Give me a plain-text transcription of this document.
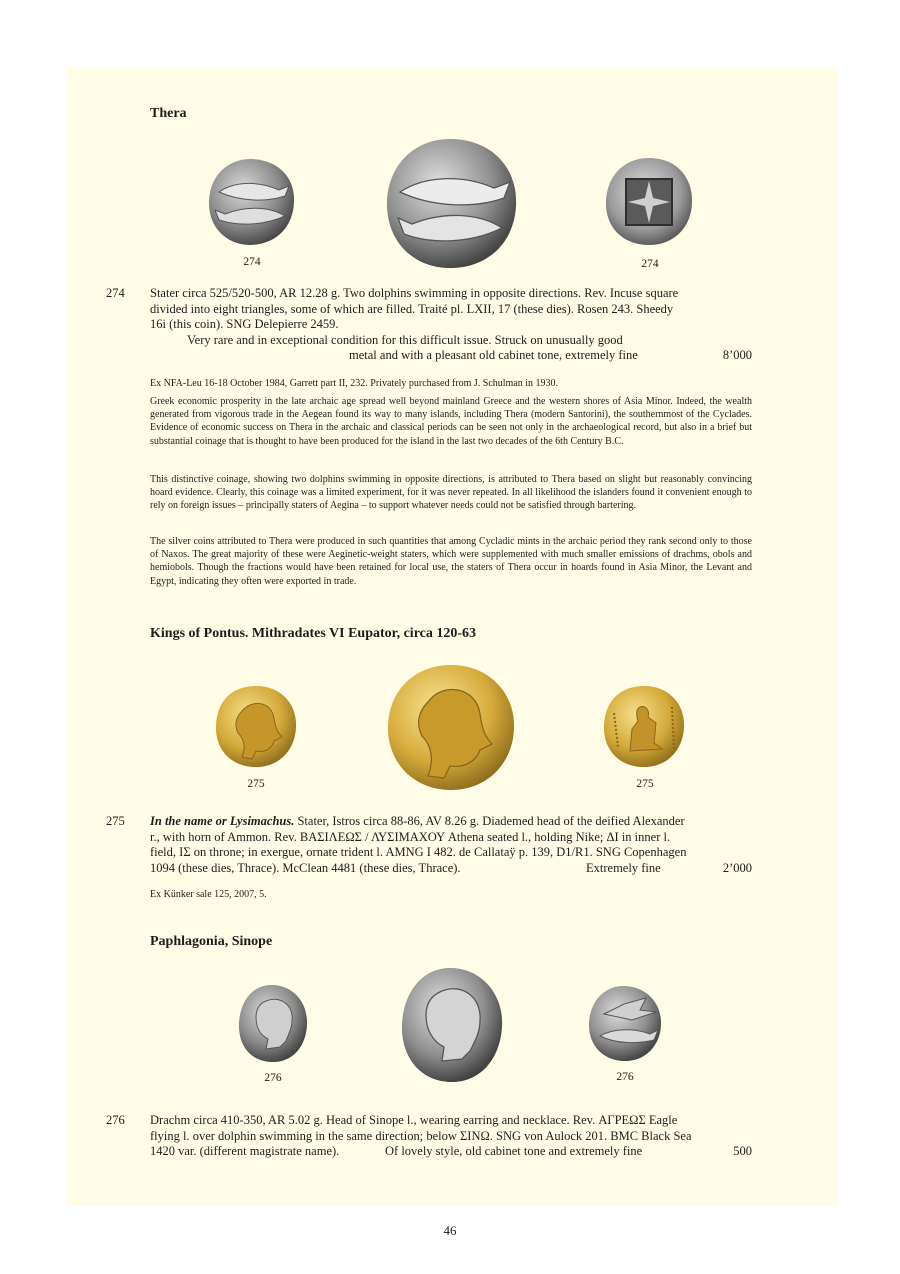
Thera
274	274
274 Stater circa 525/520-500, AR 12.28 g. Two dolphins swimming in opposite directions. Rev. Incuse square
divided into eight triangles, some of which are filled. Traité pl. LXII, 17 (these dies). Rosen 243. Sheedy
16i (this coin). SNG Delepierre 2459.
Very rare and in exceptional condition for this difficult issue. Struck on unusually good
metal and with a pleasant old cabinet tone, extremely fine	8’000
Ex NFA-Leu 16-18 October 1984, Garrett part II, 232. Privately purchased from J. Schulman in 1930.
Greek economic prosperity in the late archaic age spread well beyond mainland Greece and the western shores of Asia Minor. Indeed, the wealth generated from vigorous trade in the Aegean found its way to many islands, including Thera (modern Santorini), the southernmost of the Cyclades. Evidence of economic success on Thera in the archaic and classical periods can be seen not only in the archaeological record, but also in a brief but substantial coinage that is thought to have been produced for the island in the last two decades of the 6th Century B.C.
This distinctive coinage, showing two dolphins swimming in opposite directions, is attributed to Thera based on slight but reasonably convincing hoard evidence. Clearly, this coinage was a limited experiment, for it was never repeated. In all likelihood the islanders found it convenient enough to rely on foreign issues – principally staters of Aegina – to support whatever needs could not be satisfied through bartering.
The silver coins attributed to Thera were produced in such quantities that among Cycladic mints in the archaic period they rank second only to those of Naxos. The great majority of these were Aeginetic-weight staters, which were supplemented with much smaller emissions of drachms, obols and hemiobols. Though the fractions would have been retained for local use, the staters of Thera occur in hoards found in Asia Minor, the Levant and Egypt, indicating they often were exported in trade.
Kings of Pontus. Mithradates VI Eupator, circa 120-63
275	275
275 In the name or Lysimachus. Stater, Istros circa 88-86, AV 8.26 g. Diademed head of the deified Alexander
r., with horn of Ammon. Rev. ΒΑΣΙΛΕΩΣ / ΛΥΣΙΜΑΧΟΥ Athena seated l., holding Nike; ΔΙ in inner l.
field, ΙΣ on throne; in exergue, ornate trident l. AMNG I 482. de Callataÿ p. 139, D1/R1. SNG Copenhagen
1094 (these dies, Thrace). McClean 4481 (these dies, Thrace).	Extremely fine	2’000
Ex Künker sale 125, 2007, 5.
Paphlagonia, Sinope
276	276
276 Drachm circa 410-350, AR 5.02 g. Head of Sinope l., wearing earring and necklace. Rev. ΑΓΡΕΩΣ Eagle
flying l. over dolphin swimming in the same direction; below ΣΙΝΩ. SNG von Aulock 201. BMC Black Sea
1420 var. (different magistrate name).	Of lovely style, old cabinet tone and extremely fine	500
46
